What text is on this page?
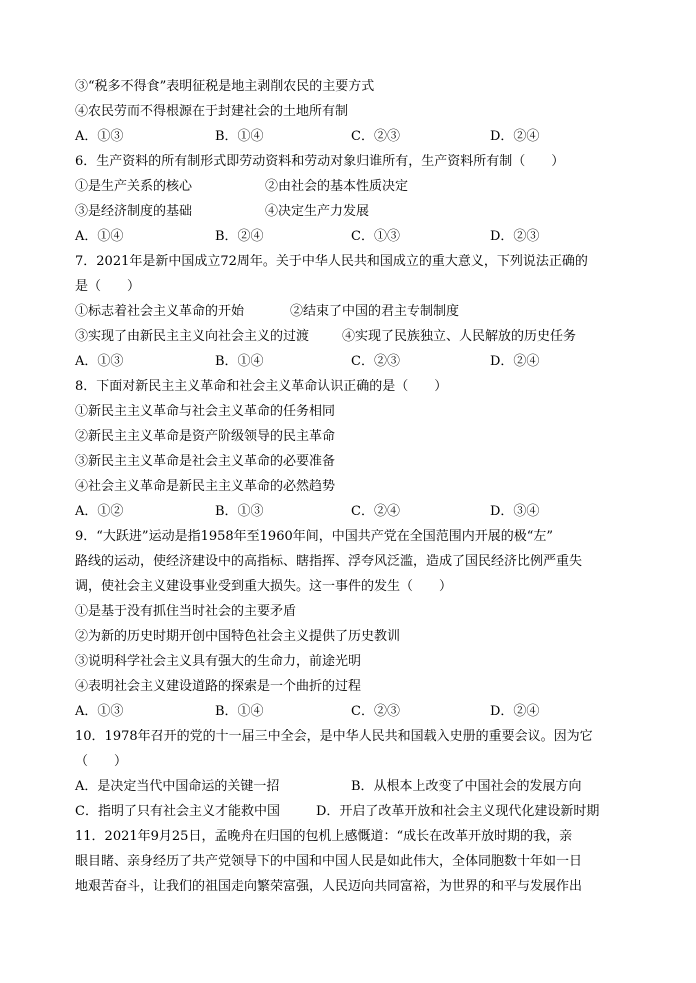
③“税多不得食”表明征税是地主剥削农民的主要方式
④农民劳而不得根源在于封建社会的土地所有制
A．①③	B．①④	C．②③	D．②④
6．生产资料的所有制形式即劳动资料和劳动对象归谁所有，生产资料所有制（　　）
①是生产关系的核心	②由社会的基本性质决定
③是经济制度的基础	④决定生产力发展
A．①④	B．②④	C．①③	D．②③
7．2021年是新中国成立72周年。关于中华人民共和国成立的重大意义，下列说法正确的
是（　　）
①标志着社会主义革命的开始	②结束了中国的君主专制制度
③实现了由新民主主义向社会主义的过渡	④实现了民族独立、人民解放的历史任务
A．①③	B．①④	C．②③	D．②④
8．下面对新民主主义革命和社会主义革命认识正确的是（　　）
①新民主主义革命与社会主义革命的任务相同
②新民主主义革命是资产阶级领导的民主革命
③新民主主义革命是社会主义革命的必要准备
④社会主义革命是新民主主义革命的必然趋势
A．①②	B．①③	C．②④	D．③④
9．“大跃进”运动是指1958年至1960年间，中国共产党在全国范围内开展的极“左”
路线的运动，使经济建设中的高指标、瞎指挥、浮夸风泛滥，造成了国民经济比例严重失
调，使社会主义建设事业受到重大损失。这一事件的发生（　　）
①是基于没有抓住当时社会的主要矛盾
②为新的历史时期开创中国特色社会主义提供了历史教训
③说明科学社会主义具有强大的生命力，前途光明
④表明社会主义建设道路的探索是一个曲折的过程
A．①③	B．①④	C．②③	D．②④
10．1978年召开的党的十一届三中全会，是中华人民共和国载入史册的重要会议。因为它
（　　）
A．是决定当代中国命运的关键一招	B．从根本上改变了中国社会的发展方向
C．指明了只有社会主义才能救中国	D．开启了改革开放和社会主义现代化建设新时期
11．2021年9月25日，孟晚舟在归国的包机上感慨道：“成长在改革开放时期的我，亲
眼目睹、亲身经历了共产党领导下的中国和中国人民是如此伟大，全体同胞数十年如一日
地艰苦奋斗，让我们的祖国走向繁荣富强，人民迈向共同富裕，为世界的和平与发展作出
